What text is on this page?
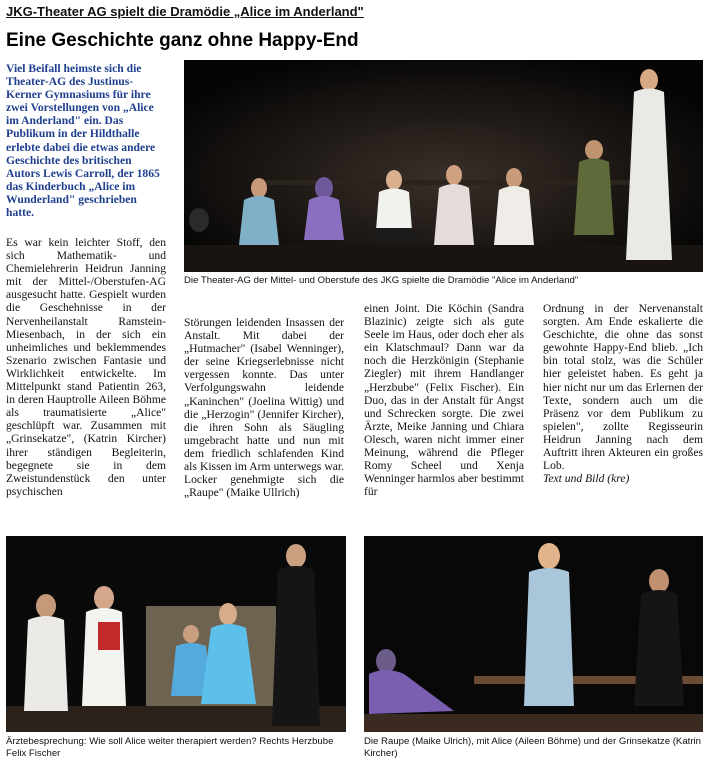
JKG-Theater AG spielt die Dramödie „Alice im Anderland"
Eine Geschichte ganz ohne Happy-End
Viel Beifall heimste sich die Theater-AG des Justinus-Kerner Gymnasiums für ihre zwei Vorstellungen von „Alice im Anderland" ein. Das Publikum in der Hildthalle erlebte dabei die etwas andere Geschichte des britischen Autors Lewis Carroll, der 1865 das Kinderbuch „Alice im Wunderland" geschrieben hatte.
Die Theater-AG der Mittel- und Oberstufe des JKG spielte die Dramödie "Alice im Anderland"

Es war kein leichter Stoff, den sich Mathematik- und Chemielehrerin Heidrun Janning mit der Mittel-/Oberstufen-AG ausgesucht hatte. Gespielt wurden die Geschehnisse in der Nervenheilanstalt Ramstein-Miesenbach, in der sich ein unheimliches und beklemmendes Szenario zwischen Fantasie und Wirklichkeit entwickelte. Im Mittelpunkt stand Patientin 263, in deren Hauptrolle Aileen Böhme als traumatisierte „Alice" geschlüpft war. Zusammen mit „Grinsekatze", (Katrin Kircher) ihrer ständigen Begleiterin, begegnete sie in dem Zweistundenstück den unter psychischen

Störungen leidenden Insassen der Anstalt. Mit dabei der „Hutmacher" (Isabel Wenninger), der seine Kriegserlebnisse nicht vergessen konnte. Das unter Verfolgungswahn leidende „Kaninchen" (Joelina Wittig) und die „Herzogin" (Jennifer Kircher), die ihren Sohn als Säugling umgebracht hatte und nun mit dem friedlich schlafenden Kind als Kissen im Arm unterwegs war. Locker genehmigte sich die „Raupe" (Maike Ullrich)

einen Joint. Die Köchin (Sandra Blazinic) zeigte sich als gute Seele im Haus, oder doch eher als ein Klatschmaul? Dann war da noch die Herzkönigin (Stephanie Ziegler) mit ihrem Handlanger „Herzbube" (Felix Fischer). Ein Duo, das in der Anstalt für Angst und Schrecken sorgte. Die zwei Ärzte, Meike Janning und Chiara Olesch, waren nicht immer einer Meinung, während die Pfleger Romy Scheel und Xenja Wenninger harmlos aber bestimmt für

Ordnung in der Nervenanstalt sorgten. Am Ende eskalierte die Geschichte, die ohne das sonst gewohnte Happy-End blieb. „Ich bin total stolz, was die Schüler hier geleistet haben. Es geht ja hier nicht nur um das Erlernen der Texte, sondern auch um die Präsenz vor dem Publikum zu spielen", zollte Regisseurin Heidrun Janning nach dem Auftritt ihren Akteuren ein großes Lob.

Text und Bild (kre)

Ärztebesprechung: Wie soll Alice weiter therapiert werden? Rechts Herzbube Felix Fischer
Die Raupe (Maike Ulrich), mit Alice (Aileen Böhme) und der Grinsekatze (Katrin Kircher)
